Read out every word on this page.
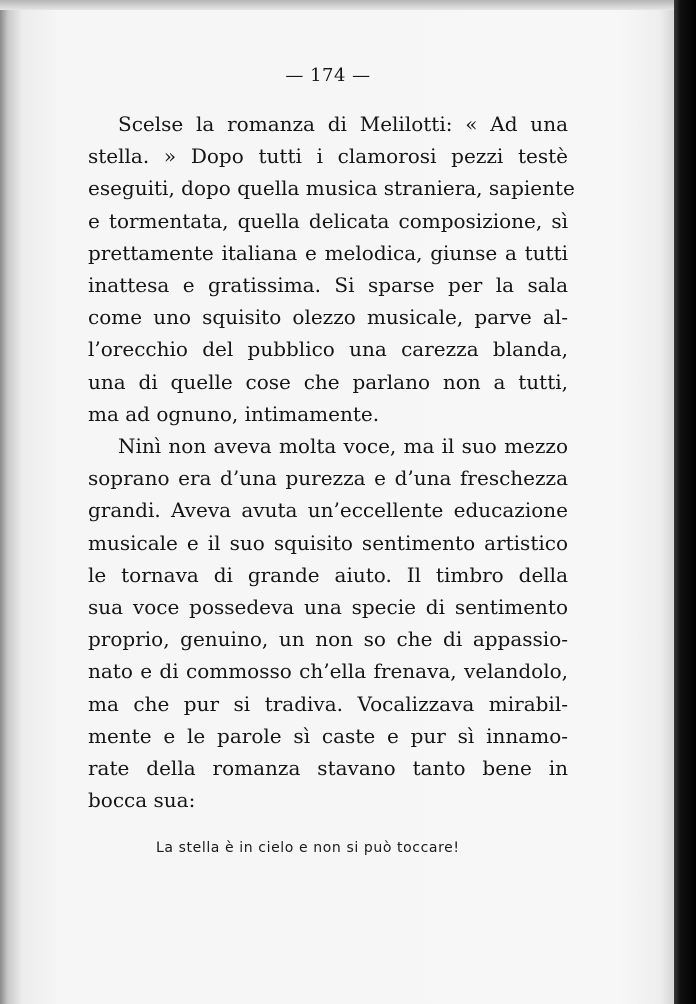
— 174 —

Scelse la romanza di Melilotti: « Ad una
stella. » Dopo tutti i clamorosi pezzi testè
eseguiti, dopo quella musica straniera, sapiente
e tormentata, quella delicata composizione, sì
prettamente italiana e melodica, giunse a tutti
inattesa e gratissima. Si sparse per la sala
come uno squisito olezzo musicale, parve al-
l’orecchio del pubblico una carezza blanda,
una di quelle cose che parlano non a tutti,
ma ad ognuno, intimamente.

Ninì non aveva molta voce, ma il suo mezzo
soprano era d’una purezza e d’una freschezza
grandi. Aveva avuta un’eccellente educazione
musicale e il suo squisito sentimento artistico
le tornava di grande aiuto. Il timbro della
sua voce possedeva una specie di sentimento
proprio, genuino, un non so che di appassio-
nato e di commosso ch’ella frenava, velandolo,
ma che pur si tradiva. Vocalizzava mirabil-
mente e le parole sì caste e pur sì innamo-
rate della romanza stavano tanto bene in
bocca sua:

La stella è in cielo e non si può toccare!
